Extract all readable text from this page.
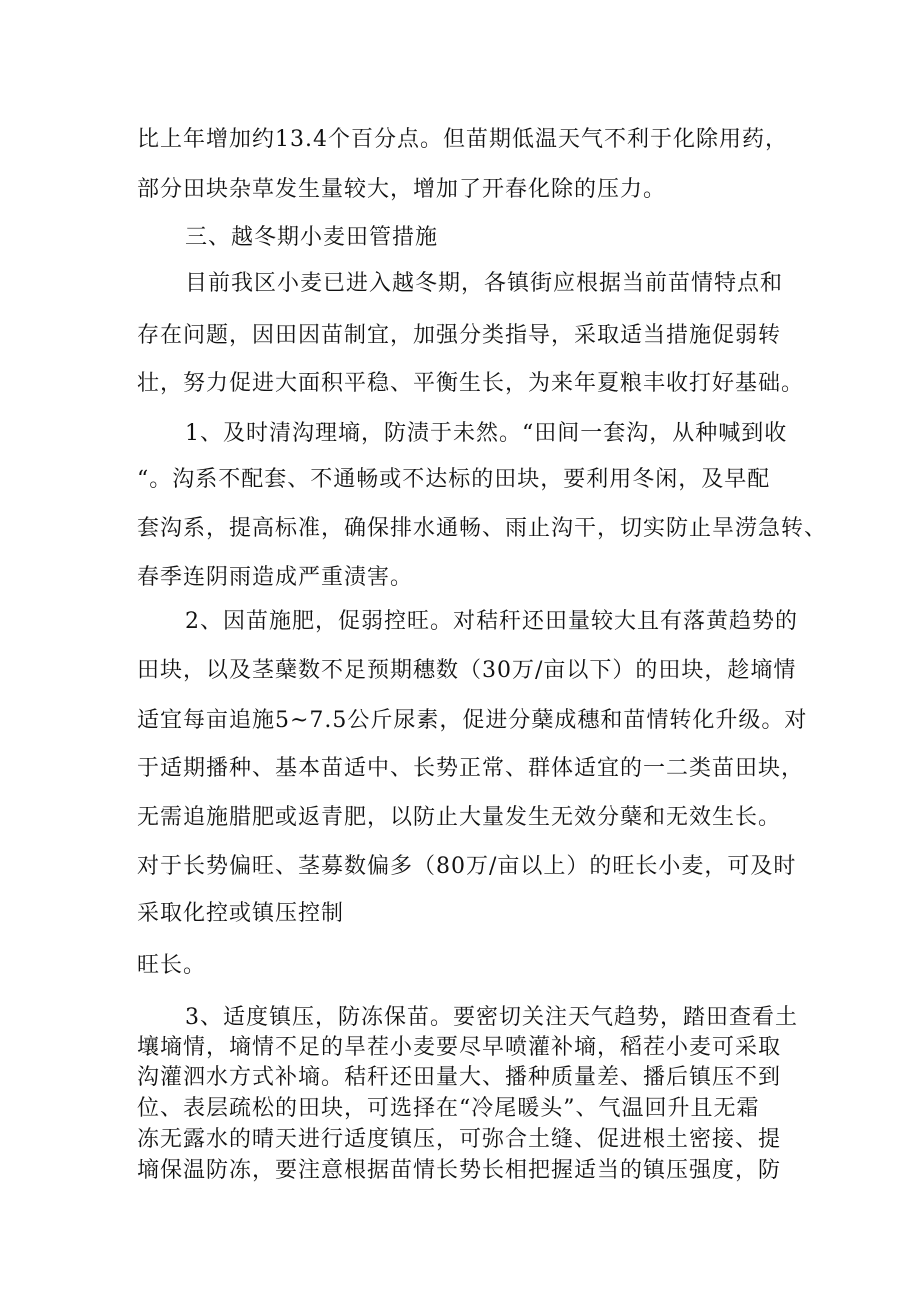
比上年增加约13.4个百分点。但苗期低温天气不利于化除用药，
部分田块杂草发生量较大，增加了开春化除的压力。
三、越冬期小麦田管措施
目前我区小麦已进入越冬期，各镇街应根据当前苗情特点和
存在问题，因田因苗制宜，加强分类指导，采取适当措施促弱转
壮，努力促进大面积平稳、平衡生长，为来年夏粮丰收打好基础。
1、及时清沟理墒，防渍于未然。“田间一套沟，从种喊到收
“。沟系不配套、不通畅或不达标的田块，要利用冬闲，及早配
套沟系，提高标准，确保排水通畅、雨止沟干，切实防止旱涝急转、
春季连阴雨造成严重渍害。
2、因苗施肥，促弱控旺。对秸秆还田量较大且有落黄趋势的
田块，以及茎蘖数不足预期穗数（30万/亩以下）的田块，趁墒情
适宜每亩追施5~7.5公斤尿素，促进分蘖成穗和苗情转化升级。对
于适期播种、基本苗适中、长势正常、群体适宜的一二类苗田块，
无需追施腊肥或返青肥，以防止大量发生无效分蘖和无效生长。
对于长势偏旺、茎募数偏多（80万/亩以上）的旺长小麦，可及时
采取化控或镇压控制
旺长。
3、适度镇压，防冻保苗。要密切关注天气趋势，踏田查看土
壤墒情，墒情不足的旱茬小麦要尽早喷灌补墒，稻茬小麦可采取
沟灌泗水方式补墒。秸秆还田量大、播种质量差、播后镇压不到
位、表层疏松的田块，可选择在“冷尾暖头”、气温回升且无霜
冻无露水的晴天进行适度镇压，可弥合土缝、促进根土密接、提
墒保温防冻，要注意根据苗情长势长相把握适当的镇压强度，防
